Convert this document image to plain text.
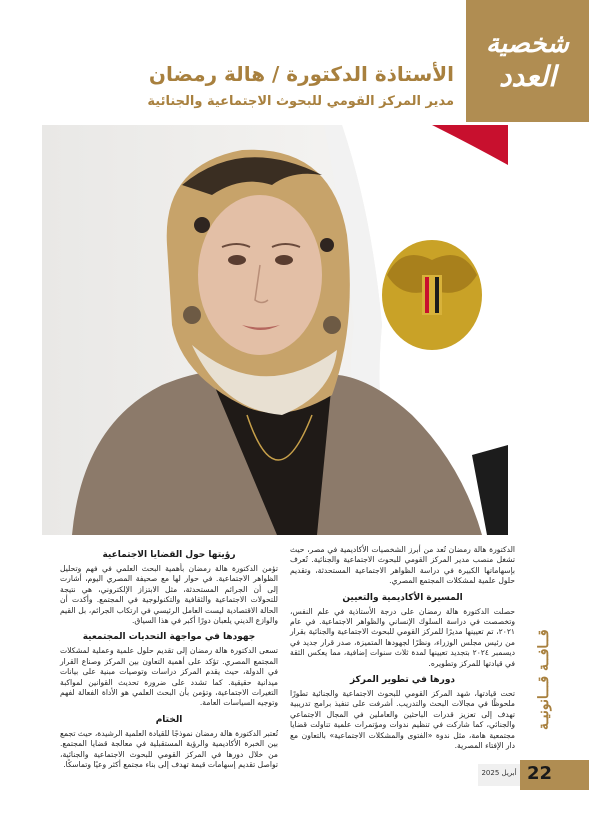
شخصية
العدد
الأستاذة الدكتورة / هالة رمضان
مدير المركز القومي للبحوث الاجتماعية والجنائية
قــافــة قـــانونيـة
أبريل 2025 22

الدكتورة هالة رمضان تُعد من أبرز الشخصيات الأكاديمية في مصر، حيث تشغل منصب مدير المركز القومي للبحوث الاجتماعية والجنائية. تُعرف بإسهاماتها الكبيرة في دراسة الظواهر الاجتماعية المستحدثة، وتقديم حلول علمية لمشكلات المجتمع المصري.

المسيرة الأكاديمية والتعيين

حصلت الدكتورة هالة رمضان على درجة الأستاذية في علم النفس، وتخصصت في دراسة السلوك الإنساني والظواهر الاجتماعية. في عام ٢٠٢١، تم تعيينها مديرًا للمركز القومي للبحوث الاجتماعية والجنائية بقرار من رئيس مجلس الوزراء، ونظرًا لجهودها المتميزة، صدر قرار جديد في ديسمبر ٢٠٢٤ بتجديد تعيينها لمدة ثلاث سنوات إضافية، مما يعكس الثقة في قيادتها للمركز وتطويره.

دورها في تطوير المركز

تحت قيادتها، شهد المركز القومي للبحوث الاجتماعية والجنائية تطورًا ملحوظًا في مجالات البحث والتدريب. أشرفت على تنفيذ برامج تدريبية تهدف إلى تعزيز قدرات الباحثين والعاملين في المجال الاجتماعي والجنائي، كما شاركت في تنظيم ندوات ومؤتمرات علمية تناولت قضايا مجتمعية هامة، مثل ندوة «الفتوى والمشكلات الاجتماعية» بالتعاون مع دار الإفتاء المصرية.

رؤيتها حول القضايا الاجتماعية

تؤمن الدكتورة هالة رمضان بأهمية البحث العلمي في فهم وتحليل الظواهر الاجتماعية. في حوار لها مع صحيفة المصري اليوم، أشارت إلى أن الجرائم المستحدثة، مثل الابتزاز الإلكتروني، هي نتيجة للتحولات الاجتماعية والثقافية والتكنولوجية في المجتمع. وأكدت أن الحالة الاقتصادية ليست العامل الرئيسي في ارتكاب الجرائم، بل القيم والوازع الديني يلعبان دورًا أكبر في هذا السياق.

جهودها في مواجهة التحديات المجتمعية

تسعى الدكتورة هالة رمضان إلى تقديم حلول علمية وعملية لمشكلات المجتمع المصري. تؤكد على أهمية التعاون بين المركز وصناع القرار في الدولة، حيث يقدم المركز دراسات وتوصيات مبنية على بيانات ميدانية حقيقية. كما تشدد على ضرورة تحديث القوانين لمواكبة التغيرات الاجتماعية، وتؤمن بأن البحث العلمي هو الأداة الفعالة لفهم وتوجيه السياسات العامة.

الختام

تُعتبر الدكتورة هالة رمضان نموذجًا للقيادة العلمية الرشيدة، حيث تجمع بين الخبرة الأكاديمية والرؤية المستقبلية في معالجة قضايا المجتمع. من خلال دورها في المركز القومي للبحوث الاجتماعية والجنائية، تواصل تقديم إسهامات قيمة تهدف إلى بناء مجتمع أكثر وعيًا وتماسكًا.
